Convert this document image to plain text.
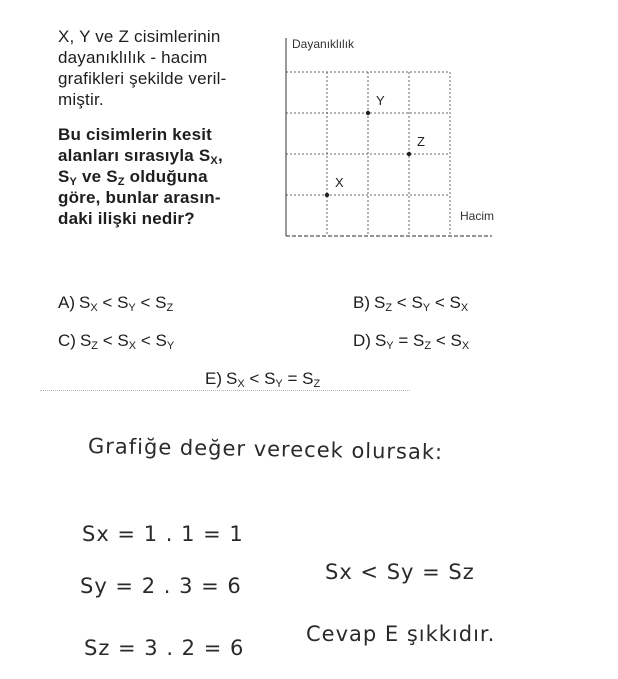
X, Y ve Z cisimlerinin

dayanıklılık - hacim

grafikleri şekilde veril-

miştir.

Bu cisimlerin kesit
alanları sırasıyla $S_X$,
$S_Y$ ve $S_Z$ olduğuna
göre, bunlar arasın-
daki ilişki nedir?
Dayanıklılık
Hacim
X
Y
Z
A) $S_X < S_Y < S_Z$	B) $S_Z < S_Y < S_X$
C) $S_Z < S_X < S_Y$	D) $S_Y = S_Z < S_X$
E) $S_X < S_Y = S_Z$
Grafiğe değer verecek olursak:
Sx = 1 . 1 = 1
Sy = 2 . 3 = 6
Sz = 3 . 2 = 6
Sx < Sy = Sz
Cevap E şıkkıdır.
